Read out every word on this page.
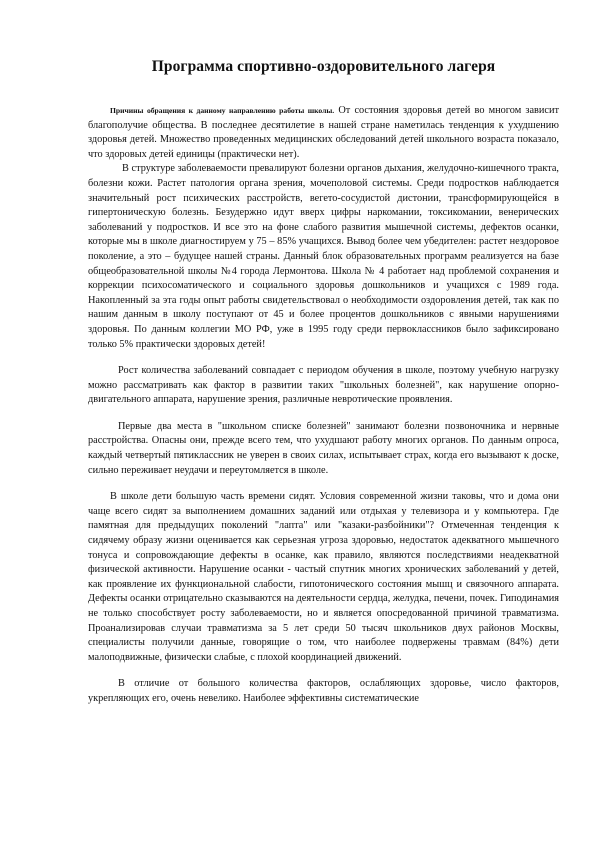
Программа спортивно-оздоровительного лагеря

Причины обращения к данному направлению работы школы. От состояния здоровья детей во многом зависит благополучие общества. В последнее десятилетие в нашей стране наметилась тенденция к ухудшению здоровья детей. Множество проведенных медицинских обследований детей школьного возраста показало, что здоровых детей единицы (практически нет).

В структуре заболеваемости превалируют болезни органов дыхания, желудочно-кишечного тракта, болезни кожи. Растет патология органа зрения, мочеполовой системы. Среди подростков наблюдается значительный рост психических расстройств, вегето-сосудистой дистонии, трансформирующейся в гипертоническую болезнь. Безудержно идут вверх цифры наркомании, токсикомании, венерических заболеваний у подростков. И все это на фоне слабого развития мышечной системы, дефектов осанки, которые мы в школе диагностируем у 75 – 85% учащихся. Вывод более чем убедителен: растет нездоровое поколение, а это – будущее нашей страны. Данный блок образовательных программ реализуется на базе общеобразовательной школы №4 города Лермонтова. Школа № 4 работает над проблемой сохранения и коррекции психосоматического и социального здоровья дошкольников и учащихся с 1989 года. Накопленный за эта годы опыт работы свидетельствовал о необходимости оздоровления детей, так как по нашим данным в школу поступают от 45 и более процентов дошкольников с явными нарушениями здоровья. По данным коллегии МО РФ, уже в 1995 году среди первоклассников было зафиксировано только 5% практически здоровых детей!

Рост количества заболеваний совпадает с периодом обучения в школе, поэтому учебную нагрузку можно рассматривать как фактор в развитии таких "школьных болезней", как нарушение опорно-двигательного аппарата, нарушение зрения, различные невротические проявления.

Первые два места в "школьном списке болезней" занимают болезни позвоночника и нервные расстройства. Опасны они, прежде всего тем, что ухудшают работу многих органов. По данным опроса, каждый четвертый пятиклассник не уверен в своих силах, испытывает страх, когда его вызывают к доске, сильно переживает неудачи и переутомляется в школе.

В школе дети большую часть времени сидят. Условия современной жизни таковы, что и дома они чаще всего сидят за выполнением домашних заданий или отдыхая у телевизора и у компьютера. Где памятная для предыдущих поколений "лапта" или "казаки-разбойники"? Отмеченная тенденция к сидячему образу жизни оценивается как серьезная угроза здоровью, недостаток адекватного мышечного тонуса и сопровождающие дефекты в осанке, как правило, являются последствиями неадекватной физической активности. Нарушение осанки - частый спутник многих хронических заболеваний у детей, как проявление их функциональной слабости, гипотонического состояния мышц и связочного аппарата. Дефекты осанки отрицательно сказываются на деятельности сердца, желудка, печени, почек. Гиподинамия не только способствует росту заболеваемости, но и является опосредованной причиной травматизма. Проанализировав случаи травматизма за 5 лет среди 50 тысяч школьников двух районов Москвы, специалисты получили данные, говорящие о том, что наиболее подвержены травмам (84%) дети малоподвижные, физически слабые, с плохой координацией движений.

В отличие от большого количества факторов, ослабляющих здоровье, число факторов, укрепляющих его, очень невелико. Наиболее эффективны систематические
